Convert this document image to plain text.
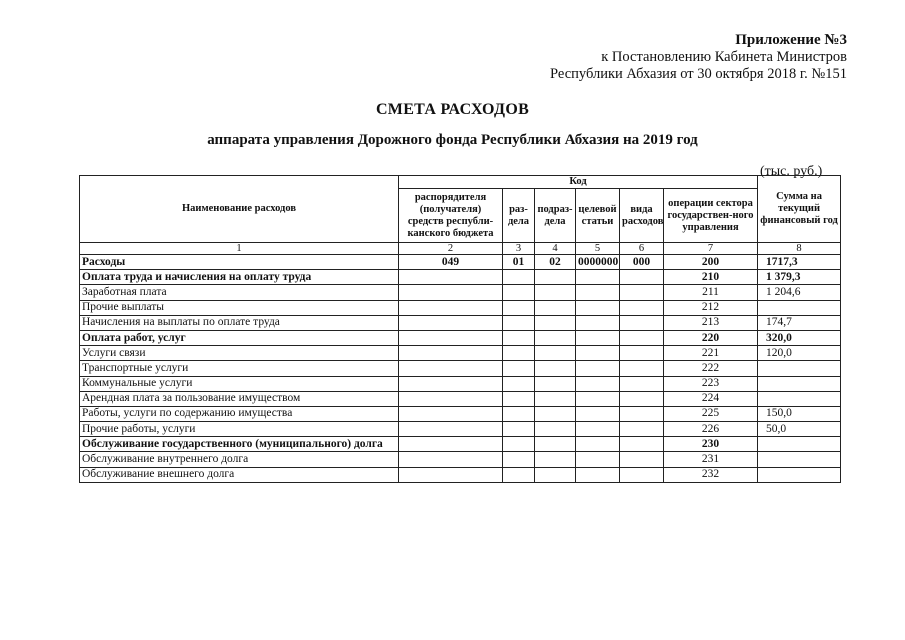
Приложение №3
к Постановлению Кабинета Министров
Республики Абхазия от 30 октября 2018 г. №151
СМЕТА РАСХОДОВ
аппарата управления Дорожного фонда Республики Абхазия на 2019 год
(тыс. руб.)
Наименование расходов	Код						Сумма на текущий финансовый год
	распорядителя (получателя) средств республи-канского бюджета	раз-дела	подраз-дела	целевой статьи	вида расходов	операции сектора государствен-ного управления	
1	2	3	4	5	6	7	8
Расходы	049	01	02	0000000	000	200	1717,3
Оплата труда и начисления на оплату труда						210	1 379,3
Заработная плата						211	1 204,6
Прочие выплаты						212	
Начисления на выплаты по оплате труда						213	174,7
Оплата работ, услуг						220	320,0
Услуги связи						221	120,0
Транспортные услуги						222	
Коммунальные услуги						223	
Арендная плата за пользование имуществом						224	
Работы, услуги по содержанию имущества						225	150,0
Прочие работы, услуги						226	50,0
Обслуживание государственного (муниципального) долга						230	
Обслуживание внутреннего долга						231	
Обслуживание внешнего долга						232	
